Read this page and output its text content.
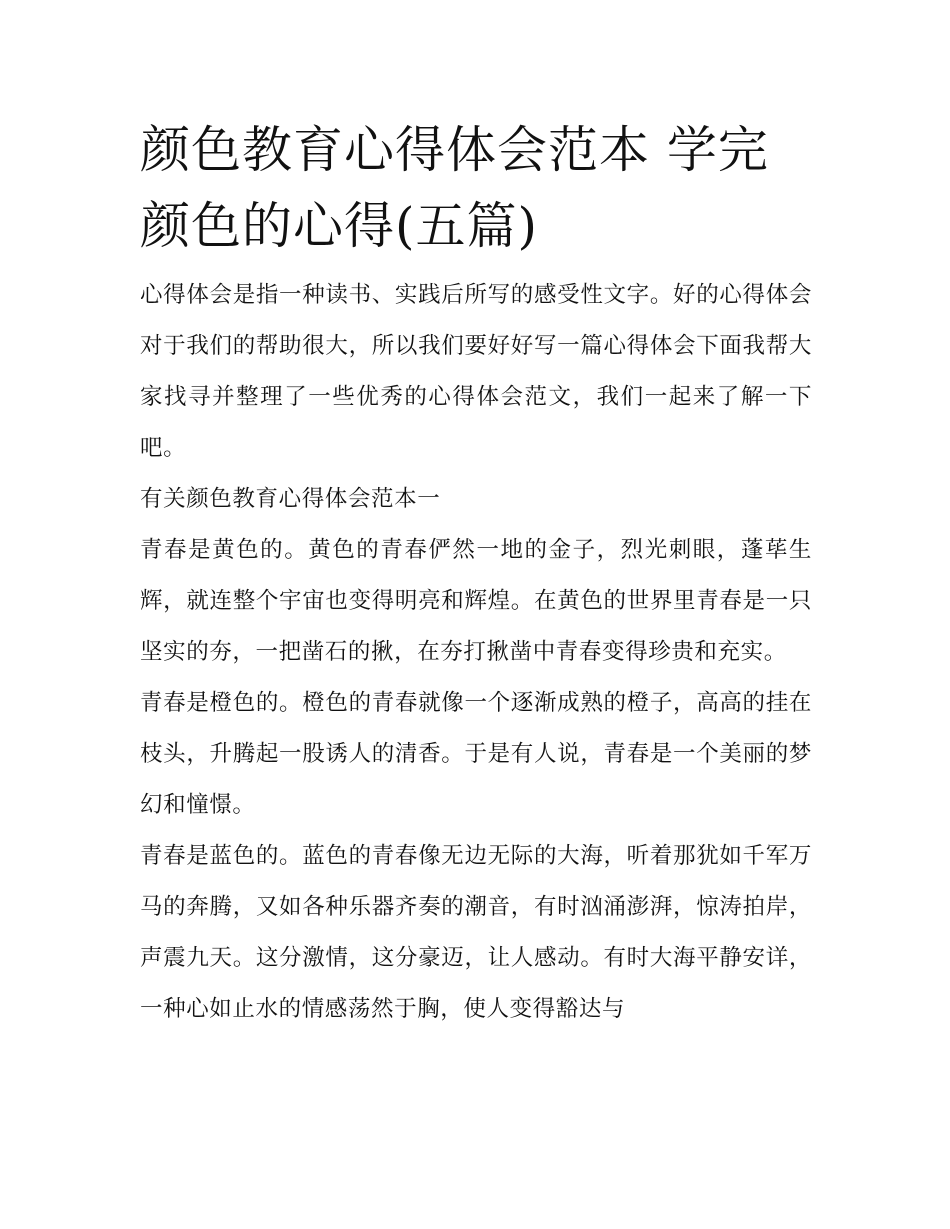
颜色教育心得体会范本 学完颜色的心得(五篇)

心得体会是指一种读书、实践后所写的感受性文字。好的心得体会对于我们的帮助很大，所以我们要好好写一篇心得体会下面我帮大家找寻并整理了一些优秀的心得体会范文，我们一起来了解一下吧。

有关颜色教育心得体会范本一

青春是黄色的。黄色的青春俨然一地的金子，烈光刺眼，蓬荜生辉，就连整个宇宙也变得明亮和辉煌。在黄色的世界里青春是一只坚实的夯，一把凿石的揪，在夯打揪凿中青春变得珍贵和充实。

青春是橙色的。橙色的青春就像一个逐渐成熟的橙子，高高的挂在枝头，升腾起一股诱人的清香。于是有人说，青春是一个美丽的梦幻和憧憬。

青春是蓝色的。蓝色的青春像无边无际的大海，听着那犹如千军万马的奔腾，又如各种乐器齐奏的潮音，有时汹涌澎湃，惊涛拍岸，声震九天。这分激情，这分豪迈，让人感动。有时大海平静安详，一种心如止水的情感荡然于胸，使人变得豁达与
